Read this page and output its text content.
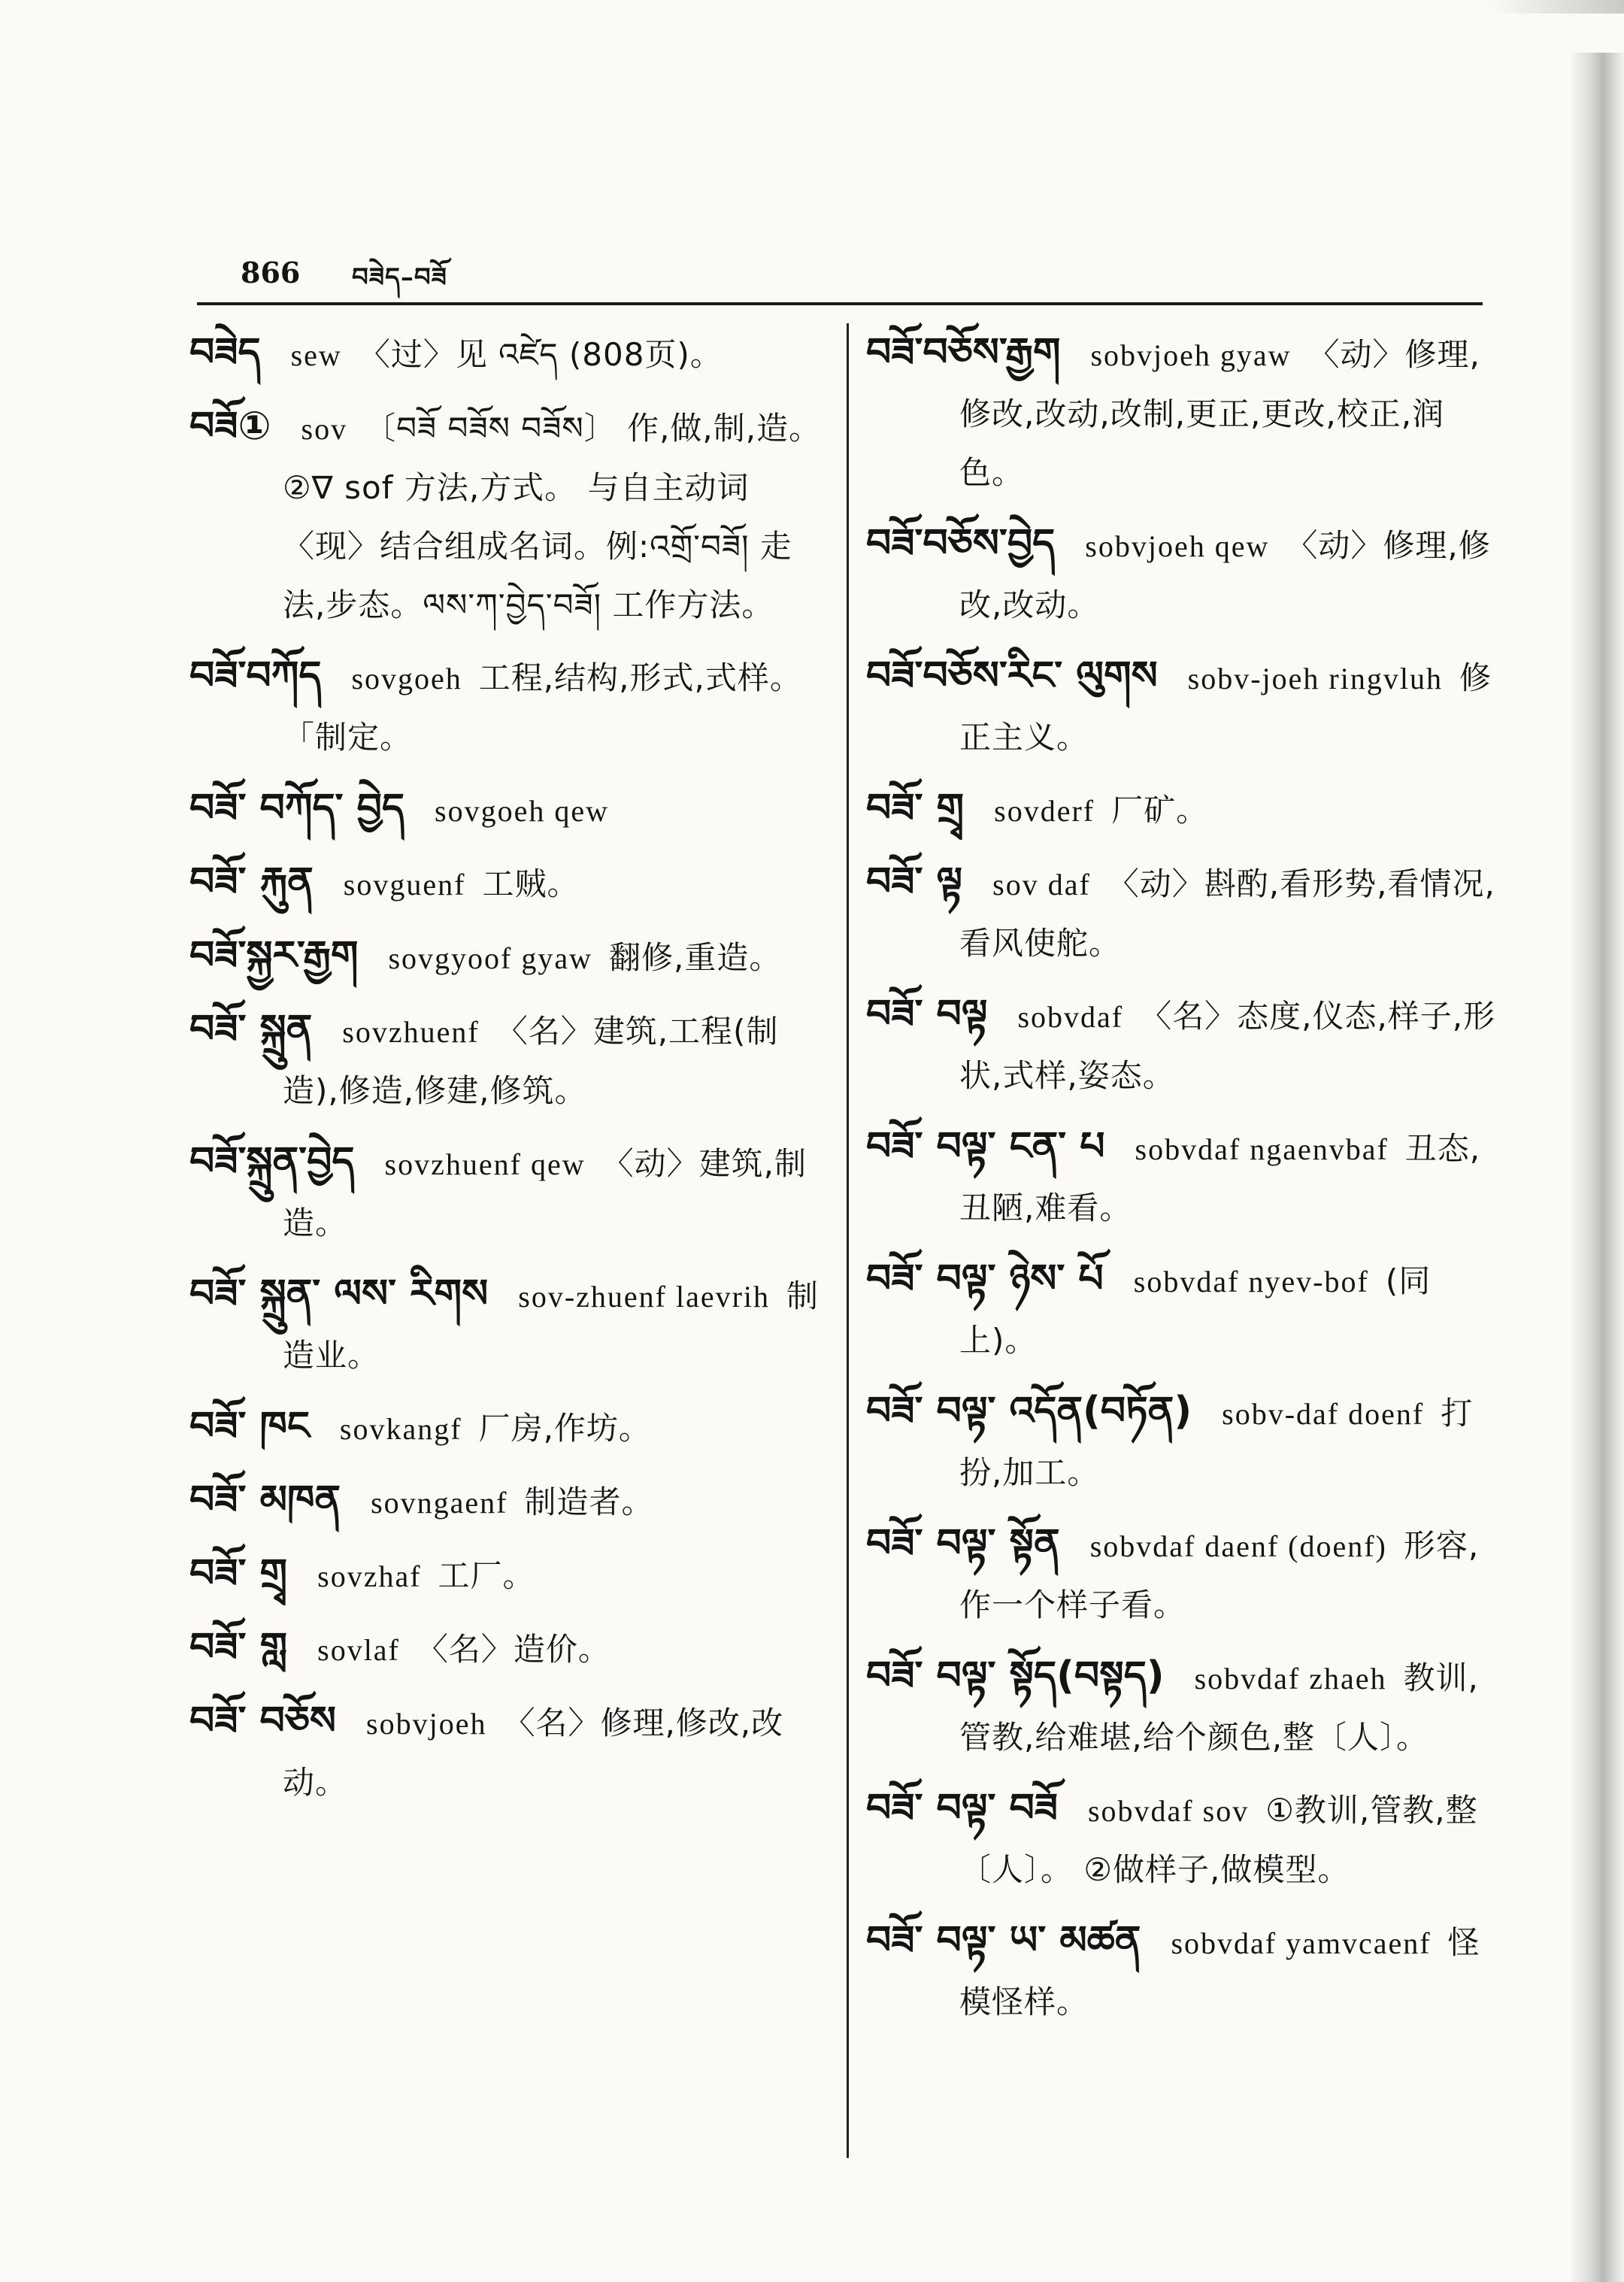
866 བཟེད–བཟོ
བཟེད sew 〈过〉见 འཛེད (808页)。
བཟོ① sov 〔བཟོ བཟོས བཟོས〕 作,做,制,造。 ②∇ sof 方法,方式。 与自主动词〈现〉结合组成名词。例:འགྲོ་བཟོ། 走法,步态。ལས་ཀ་བྱེད་བཟོ། 工作方法。
བཟོ་བཀོད sovgoeh 工程,结构,形式,式样。 「制定。
བཟོ་ བཀོད་ བྱེད sovgoeh qew
བཟོ་ རྐུན sovguenf 工贼。
བཟོ་སྐྱར་རྒྱག sovgyoof gyaw 翻修,重造。
བཟོ་ སྐྲུན sovzhuenf 〈名〉建筑,工程(制造),修造,修建,修筑。
བཟོ་སྐྲུན་བྱེད sovzhuenf qew 〈动〉建筑,制造。
བཟོ་ སྐྲུན་ ལས་ རིགས sov-zhuenf laevrih 制造业。
བཟོ་ ཁང sovkangf 厂房,作坊。
བཟོ་ མཁན sovngaenf 制造者。
བཟོ་ གྲྭ sovzhaf 工厂。
བཟོ་ གླ sovlaf 〈名〉造价。
བཟོ་ བཅོས sobvjoeh 〈名〉修理,修改,改动。
བཟོ་བཅོས་རྒྱག sobvjoeh gyaw 〈动〉修理,修改,改动,改制,更正,更改,校正,润色。
བཟོ་བཅོས་བྱེད sobvjoeh qew 〈动〉修理,修改,改动。
བཟོ་བཅོས་རིང་ ལུགས sobv-joeh ringvluh 修正主义。
བཟོ་ གྲྭ sovderf 厂矿。
བཟོ་ ལྟ sov daf 〈动〉斟酌,看形势,看情况,看风使舵。
བཟོ་ བལྟ sobvdaf 〈名〉态度,仪态,样子,形状,式样,姿态。
བཟོ་ བལྟ་ ངན་ པ sobvdaf ngaenvbaf 丑态,丑陋,难看。
བཟོ་ བལྟ་ ཉེས་ པོ sobvdaf nyev-bof (同上)。
བཟོ་ བལྟ་ འདོན(བཏོན) sobv-daf doenf 打扮,加工。
བཟོ་ བལྟ་ སྟོན sobvdaf daenf (doenf) 形容,作一个样子看。
བཟོ་ བལྟ་ སྟོད(བསྟད) sobvdaf zhaeh 教训,管教,给难堪,给个颜色,整〔人〕。
བཟོ་ བལྟ་ བཟོ sobvdaf sov ①教训,管教,整〔人〕。 ②做样子,做模型。
བཟོ་ བལྟ་ ཡ་ མཚན sobvdaf yamvcaenf 怪模怪样。
